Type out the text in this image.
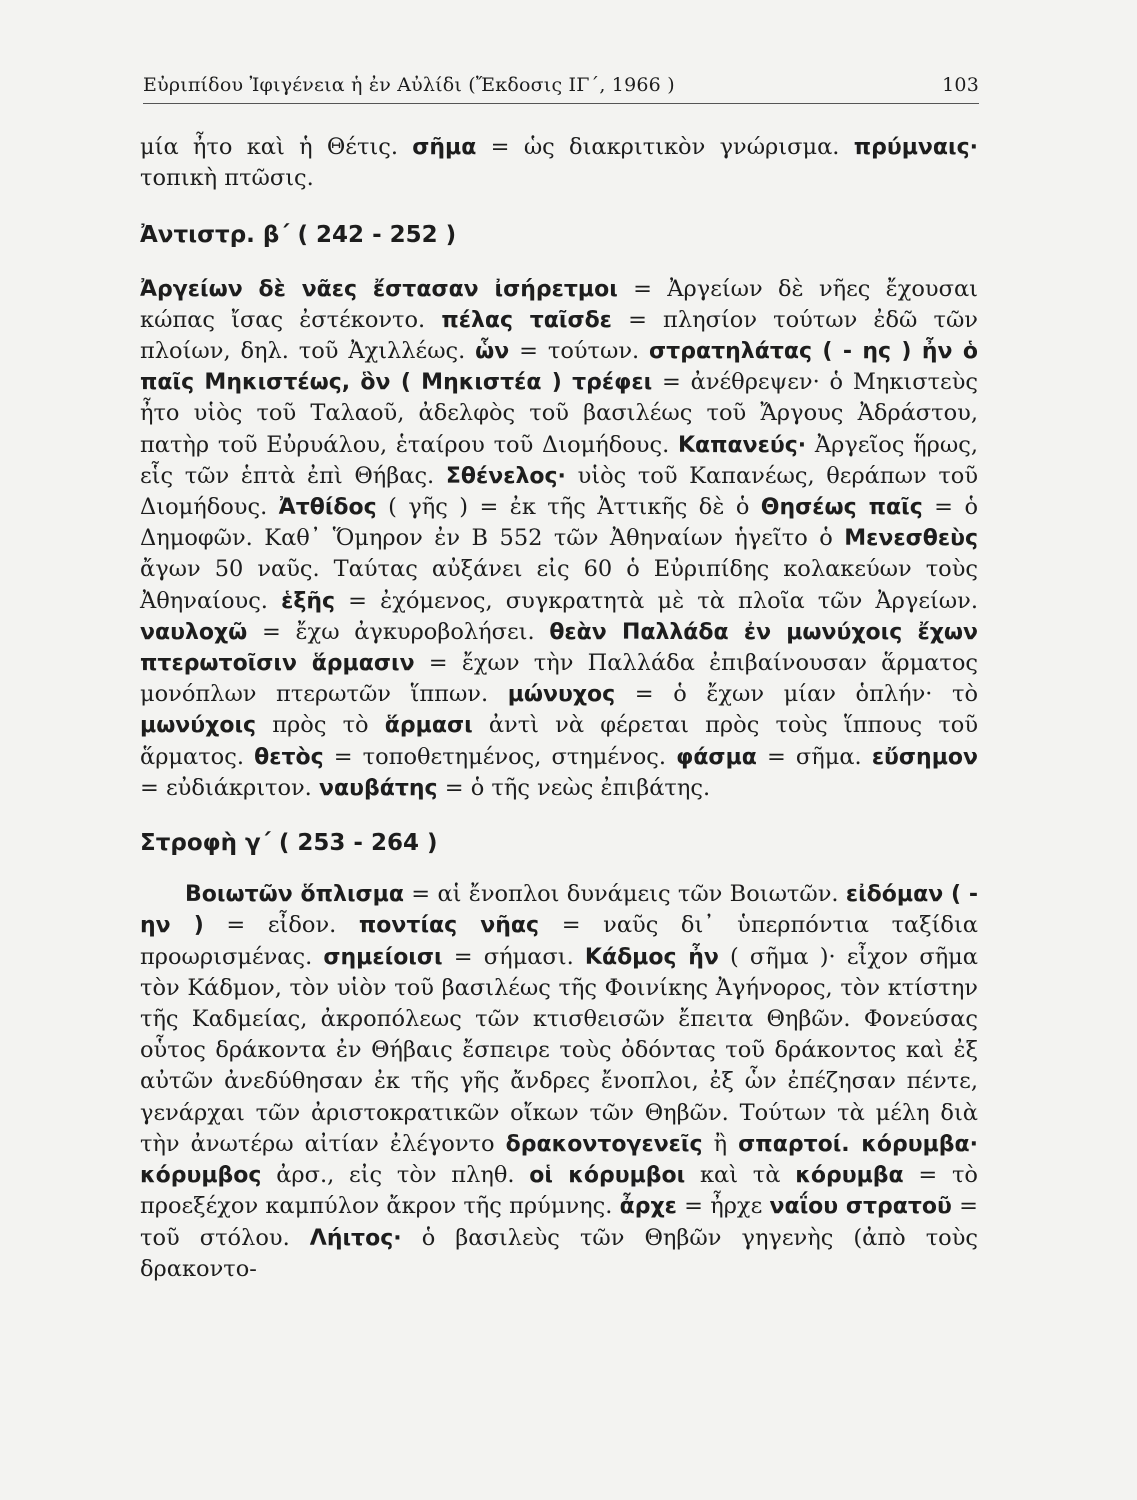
Εὐριπίδου Ἰφιγένεια ἡ ἐν Αὐλίδι (Ἔκδοσις ΙΓ΄, 1966 )	103

μία ἦτο καὶ ἡ Θέτις. σῆμα = ὡς διακριτικὸν γνώρισμα. πρύμναις· τοπικὴ πτῶσις.

Ἀντιστρ. β΄ ( 242 - 252 )

Ἀργείων δὲ νᾶες ἔστασαν ἰσήρετμοι = Ἀργείων δὲ νῆες ἔχουσαι κώπας ἴσας ἐστέκοντο. πέλας ταῖσδε = πλησίον τούτων ἐδῶ τῶν πλοίων, δηλ. τοῦ Ἀχιλλέως. ὧν = τούτων. στρατηλάτας ( - ης ) ἦν ὁ παῖς Μηκιστέως, ὃν ( Μηκιστέα ) τρέφει = ἀνέθρεψεν· ὁ Μηκιστεὺς ἦτο υἱὸς τοῦ Ταλαοῦ, ἀδελφὸς τοῦ βασιλέως τοῦ Ἄργους Ἀδράστου, πατὴρ τοῦ Εὐρυάλου, ἑταίρου τοῦ Διομήδους. Καπανεύς· Ἀργεῖος ἥρως, εἷς τῶν ἑπτὰ ἐπὶ Θήβας. Σθένελος· υἱὸς τοῦ Καπανέως, θεράπων τοῦ Διομήδους. Ἀτθίδος ( γῆς ) = ἐκ τῆς Ἀττικῆς δὲ ὁ Θησέως παῖς = ὁ Δημοφῶν. Καθ᾽ Ὅμηρον ἐν Β 552 τῶν Ἀθηναίων ἡγεῖτο ὁ Μενεσθεὺς ἄγων 50 ναῦς. Ταύτας αὐξάνει εἰς 60 ὁ Εὐριπίδης κολακεύων τοὺς Ἀθηναίους. ἑξῆς = ἐχόμενος, συγκρατητὰ μὲ τὰ πλοῖα τῶν Ἀργείων. ναυλοχῶ = ἔχω ἀγκυροβολήσει. θεὰν Παλλάδα ἐν μωνύχοις ἔχων πτερωτοῖσιν ἅρμασιν = ἔχων τὴν Παλλάδα ἐπιβαίνουσαν ἅρματος μονόπλων πτερωτῶν ἵππων. μώνυχος = ὁ ἔχων μίαν ὁπλήν· τὸ μωνύχοις πρὸς τὸ ἅρμασι ἀντὶ νὰ φέρεται πρὸς τοὺς ἵππους τοῦ ἅρματος. θετὸς = τοποθετημένος, στημένος. φάσμα = σῆμα. εὔσημον = εὐδιάκριτον. ναυβάτης = ὁ τῆς νεὼς ἐπιβάτης.

Στροφὴ γ΄ ( 253 - 264 )

Βοιωτῶν ὅπλισμα = αἱ ἔνοπλοι δυνάμεις τῶν Βοιωτῶν. εἰδόμαν ( -ην ) = εἶδον. ποντίας νῆας = ναῦς δι᾽ ὑπερπόντια ταξίδια προωρισμένας. σημείοισι = σήμασι. Κάδμος ἦν ( σῆμα )· εἶχον σῆμα τὸν Κάδμον, τὸν υἱὸν τοῦ βασιλέως τῆς Φοινίκης Ἀγήνορος, τὸν κτίστην τῆς Καδμείας, ἀκροπόλεως τῶν κτισθεισῶν ἔπειτα Θηβῶν. Φονεύσας οὗτος δράκοντα ἐν Θήβαις ἔσπειρε τοὺς ὀδόντας τοῦ δράκοντος καὶ ἐξ αὐτῶν ἀνεδύθησαν ἐκ τῆς γῆς ἄνδρες ἔνοπλοι, ἐξ ὧν ἐπέζησαν πέντε, γενάρχαι τῶν ἀριστοκρατικῶν οἴκων τῶν Θηβῶν. Τούτων τὰ μέλη διὰ τὴν ἀνωτέρω αἰτίαν ἐλέγοντο δρακοντογενεῖς ἢ σπαρτοί. κόρυμβα· κόρυμβος ἀρσ., εἰς τὸν πληθ. οἱ κόρυμβοι καὶ τὰ κόρυμβα = τὸ προεξέχον καμπύλον ἄκρον τῆς πρύμνης. ἆρχε = ἦρχε ναΐου στρατοῦ = τοῦ στόλου. Λήιτος· ὁ βασιλεὺς τῶν Θηβῶν γηγενὴς (ἀπὸ τοὺς δρακοντο-
